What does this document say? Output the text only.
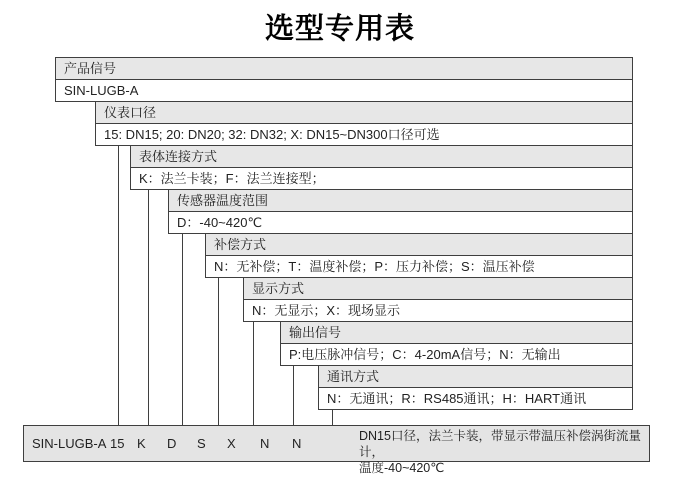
选型专用表
产品信号
SIN-LUGB-A
仪表口径
15: DN15; 20: DN20; 32: DN32; X: DN15~DN300口径可选
表体连接方式
K：法兰卡装；F：法兰连接型；
传感器温度范围
D：-40~420℃
补偿方式
N：无补偿；T：温度补偿；P：压力补偿；S：温压补偿
显示方式
N：无显示；X：现场显示
输出信号
P:电压脉冲信号；C：4-20mA信号；N：无输出
通讯方式
N：无通讯；R：RS485通讯；H：HART通讯
SIN-LUGB-A 15 K D S X N N	DN15口径，法兰卡装，带显示带温压补偿涡街流量计，
温度-40~420℃
